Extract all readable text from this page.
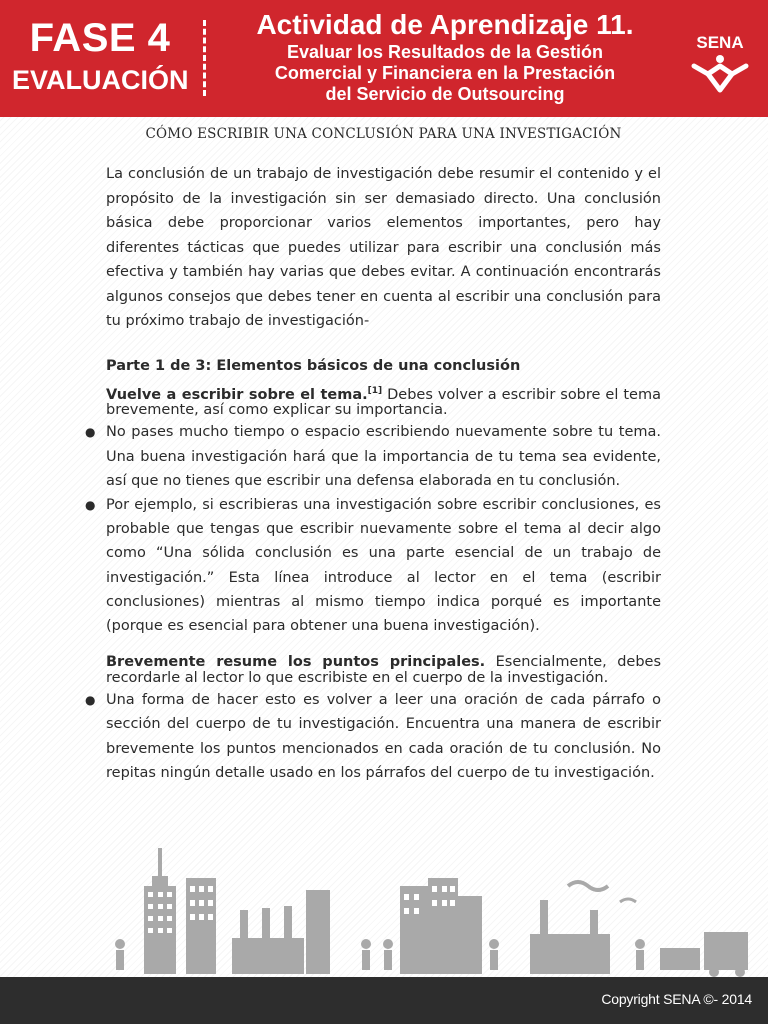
FASE 4
EVALUACIÓN
Actividad de Aprendizaje 11.
Evaluar los Resultados de la Gestión
Comercial y Financiera en la Prestación
del Servicio de Outsourcing
SENA
CÓMO ESCRIBIR UNA CONCLUSIÓN PARA UNA INVESTIGACIÓN

La conclusión de un trabajo de investigación debe resumir el contenido y el propósito de la investigación sin ser demasiado directo. Una conclusión básica debe proporcionar varios elementos importantes, pero hay diferentes tácticas que puedes utilizar para escribir una conclusión más efectiva y también hay varias que debes evitar. A continuación encontrarás algunos consejos que debes tener en cuenta al escribir una conclusión para tu próximo trabajo de investigación-

Parte 1 de 3: Elementos básicos de una conclusión
Vuelve a escribir sobre el tema.[1] Debes volver a escribir sobre el tema brevemente, así como explicar su importancia.
● No pases mucho tiempo o espacio escribiendo nuevamente sobre tu tema. Una buena investigación hará que la importancia de tu tema sea evidente, así que no tienes que escribir una defensa elaborada en tu conclusión.
● Por ejemplo, si escribieras una investigación sobre escribir conclusiones, es probable que tengas que escribir nuevamente sobre el tema al decir algo como “Una sólida conclusión es una parte esencial de un trabajo de investigación.” Esta línea introduce al lector en el tema (escribir conclusiones) mientras al mismo tiempo indica porqué es importante (porque es esencial para obtener una buena investigación).
Brevemente resume los puntos principales. Esencialmente, debes recordarle al lector lo que escribiste en el cuerpo de la investigación.
● Una forma de hacer esto es volver a leer una oración de cada párrafo o sección del cuerpo de tu investigación. Encuentra una manera de escribir brevemente los puntos mencionados en cada oración de tu conclusión. No repitas ningún detalle usado en los párrafos del cuerpo de tu investigación.
Copyright SENA ©- 2014
